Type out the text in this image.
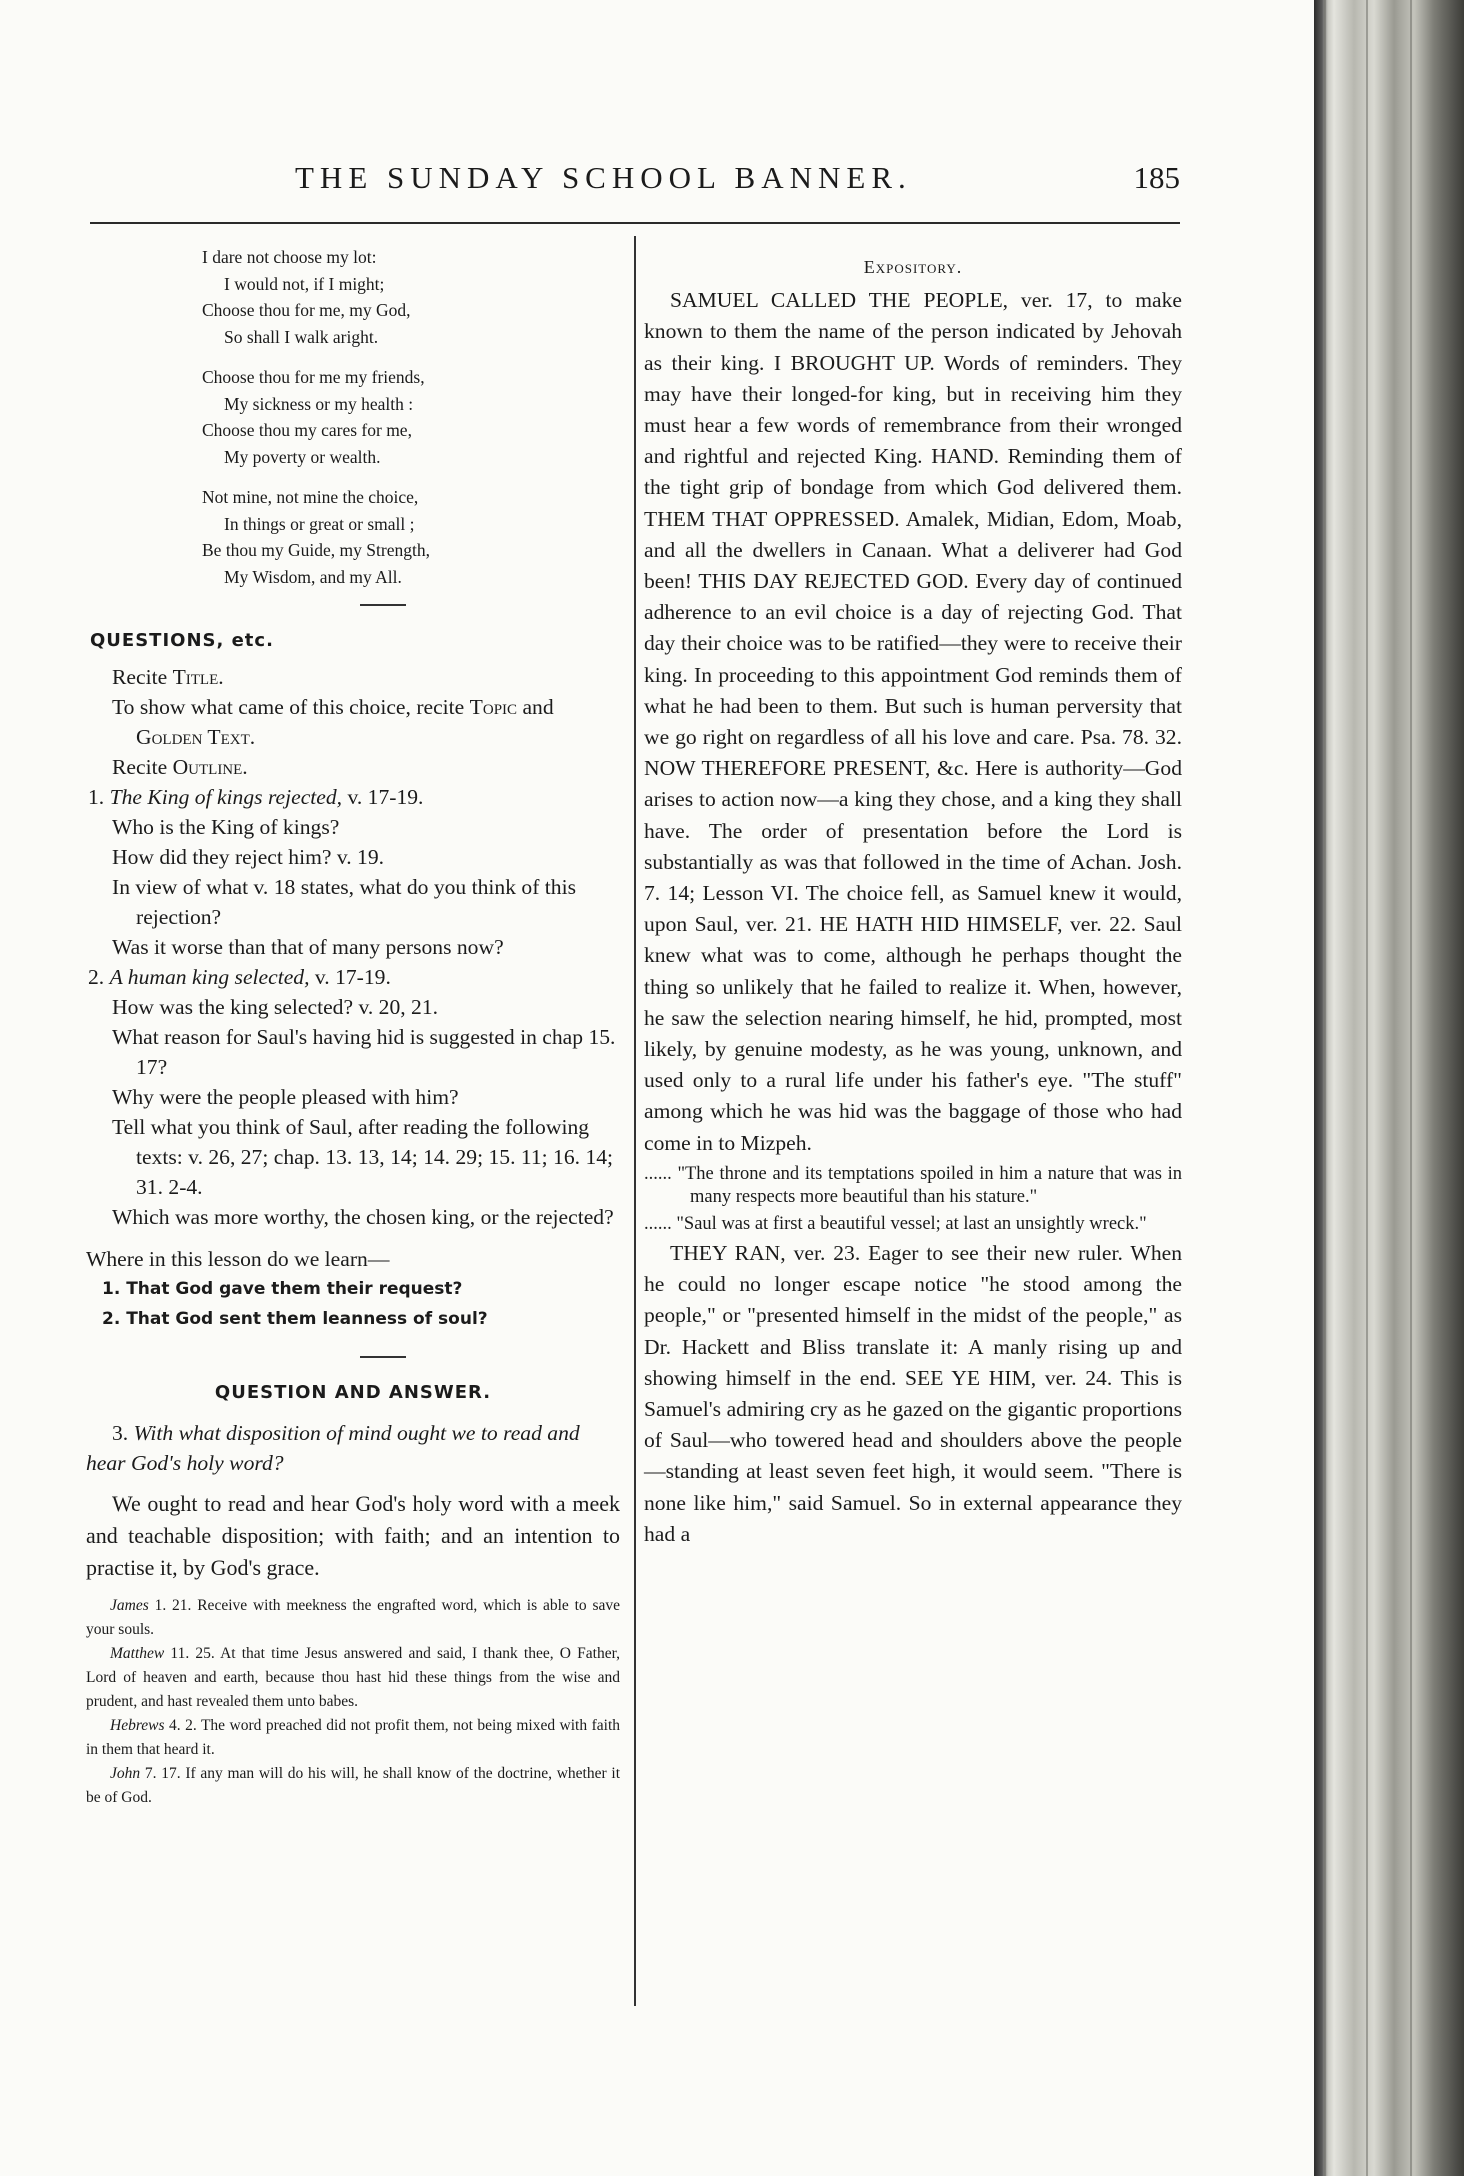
THE SUNDAY SCHOOL BANNER.	185
I dare not choose my lot:
I would not, if I might;
Choose thou for me, my God,
So shall I walk aright.
Choose thou for me my friends,
My sickness or my health :
Choose thou my cares for me,
My poverty or wealth.
Not mine, not mine the choice,
In things or great or small ;
Be thou my Guide, my Strength,
My Wisdom, and my All.
QUESTIONS, etc.
Recite Title.
To show what came of this choice, recite Topic and Golden Text.
Recite Outline.
1. The King of kings rejected, v. 17-19.
Who is the King of kings?
How did they reject him? v. 19.
In view of what v. 18 states, what do you think of this rejection?
Was it worse than that of many persons now?
2. A human king selected, v. 17-19.
How was the king selected? v. 20, 21.
What reason for Saul's having hid is suggested in chap 15. 17?
Why were the people pleased with him?
Tell what you think of Saul, after reading the following texts: v. 26, 27; chap. 13. 13, 14; 14. 29; 15. 11; 16. 14; 31. 2-4.
Which was more worthy, the chosen king, or the rejected?
Where in this lesson do we learn—
1. That God gave them their request?
2. That God sent them leanness of soul?
QUESTION AND ANSWER.
3. With what disposition of mind ought we to read and hear God's holy word?
We ought to read and hear God's holy word with a meek and teachable disposition; with faith; and an intention to practise it, by God's grace.
James 1. 21. Receive with meekness the engrafted word, which is able to save your souls.
Matthew 11. 25. At that time Jesus answered and said, I thank thee, O Father, Lord of heaven and earth, because thou hast hid these things from the wise and prudent, and hast revealed them unto babes.
Hebrews 4. 2. The word preached did not profit them, not being mixed with faith in them that heard it.
John 7. 17. If any man will do his will, he shall know of the doctrine, whether it be of God.
Expository.

SAMUEL CALLED THE PEOPLE, ver. 17, to make known to them the name of the person indicated by Jehovah as their king. I BROUGHT UP. Words of reminders. They may have their longed-for king, but in receiving him they must hear a few words of remembrance from their wronged and rightful and rejected King. HAND. Reminding them of the tight grip of bondage from which God delivered them. THEM THAT OPPRESSED. Amalek, Midian, Edom, Moab, and all the dwellers in Canaan. What a deliverer had God been! THIS DAY REJECTED GOD. Every day of continued adherence to an evil choice is a day of rejecting God. That day their choice was to be ratified—they were to receive their king. In proceeding to this appointment God reminds them of what he had been to them. But such is human perversity that we go right on regardless of all his love and care. Psa. 78. 32. NOW THEREFORE PRESENT, &c. Here is authority—God arises to action now—a king they chose, and a king they shall have. The order of presentation before the Lord is substantially as was that followed in the time of Achan. Josh. 7. 14; Lesson VI. The choice fell, as Samuel knew it would, upon Saul, ver. 21. HE HATH HID HIMSELF, ver. 22. Saul knew what was to come, although he perhaps thought the thing so unlikely that he failed to realize it. When, however, he saw the selection nearing himself, he hid, prompted, most likely, by genuine modesty, as he was young, unknown, and used only to a rural life under his father's eye. "The stuff" among which he was hid was the baggage of those who had come in to Mizpeh.

...... "The throne and its temptations spoiled in him a nature that was in many respects more beautiful than his stature."
...... "Saul was at first a beautiful vessel; at last an unsightly wreck."

THEY RAN, ver. 23. Eager to see their new ruler. When he could no longer escape notice "he stood among the people," or "presented himself in the midst of the people," as Dr. Hackett and Bliss translate it: A manly rising up and showing himself in the end. SEE YE HIM, ver. 24. This is Samuel's admiring cry as he gazed on the gigantic proportions of Saul—who towered head and shoulders above the people—standing at least seven feet high, it would seem. "There is none like him," said Samuel. So in external appearance they had a
